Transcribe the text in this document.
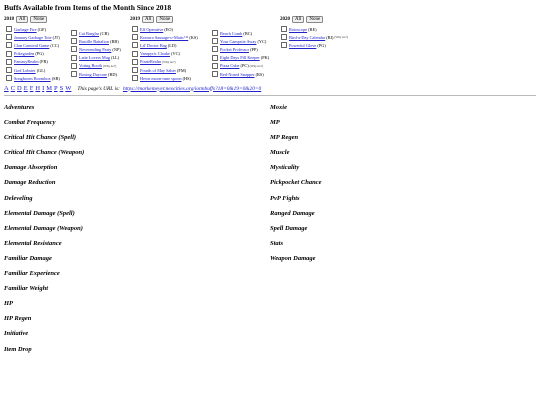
Buffs Available from Items of the Month Since 2018
2018	All	None	2019	All	None	2020	All	None
Garbage Fire
(GF)
January Garbage Tote
(JT)
Clan Carnival Game
(CC)
Pokegarden
(PG)
FantasyRealm
(FR)
God Lobster
(GL)
Songboom Boombox
(SB)
Cat Burglar
(CB)
Bastille Battalion
(BB)
Neverending Party
(NP)
Latte Lovers Mug
(LL)
Voting Booth (Why no?)
Boxing Daycare
(BD)
Elf Operative
(EO)
Kramco Sausage-o-Matic™
(KS)
Lil' Doctor Bag
(LD)
Vampyric Cloake
(VC)
PirateRealm (Why no?)
Fourth of May Saber
(FM)
Hewn moon-rune spoon
(HS)
Beach Comb
(BC)
Your Campsite Away
(YC)
Pocket Professor
(PP)
Eight Days Pill Keeper
(PK)
Pizza Cube
(PC) (Why no?)
Red-Nosed Snapper
(RS)
Rotoscope
(RE)
Bird-a-Day Calendar
(BI) (Why no?)
Powerful Glove
(PG)
A C D E F H I M P S W	This page's URL is: https://markemeyer.neocities.org/iotmbuffs?18=0&19=0&20=0
Adventures
Combat Frequency
Critical Hit Chance (Spell)
Critical Hit Chance (Weapon)
Damage Absorption
Damage Reduction
Deleveling
Elemental Damage (Spell)
Elemental Damage (Weapon)
Elemental Resistance
Familiar Damage
Familiar Experience
Familiar Weight
HP
HP Regen
Initiative
Item Drop
Moxie
MP
MP Regen
Muscle
Mysticality
Pickpocket Chance
PvP Fights
Ranged Damage
Spell Damage
Stats
Weapon Damage
